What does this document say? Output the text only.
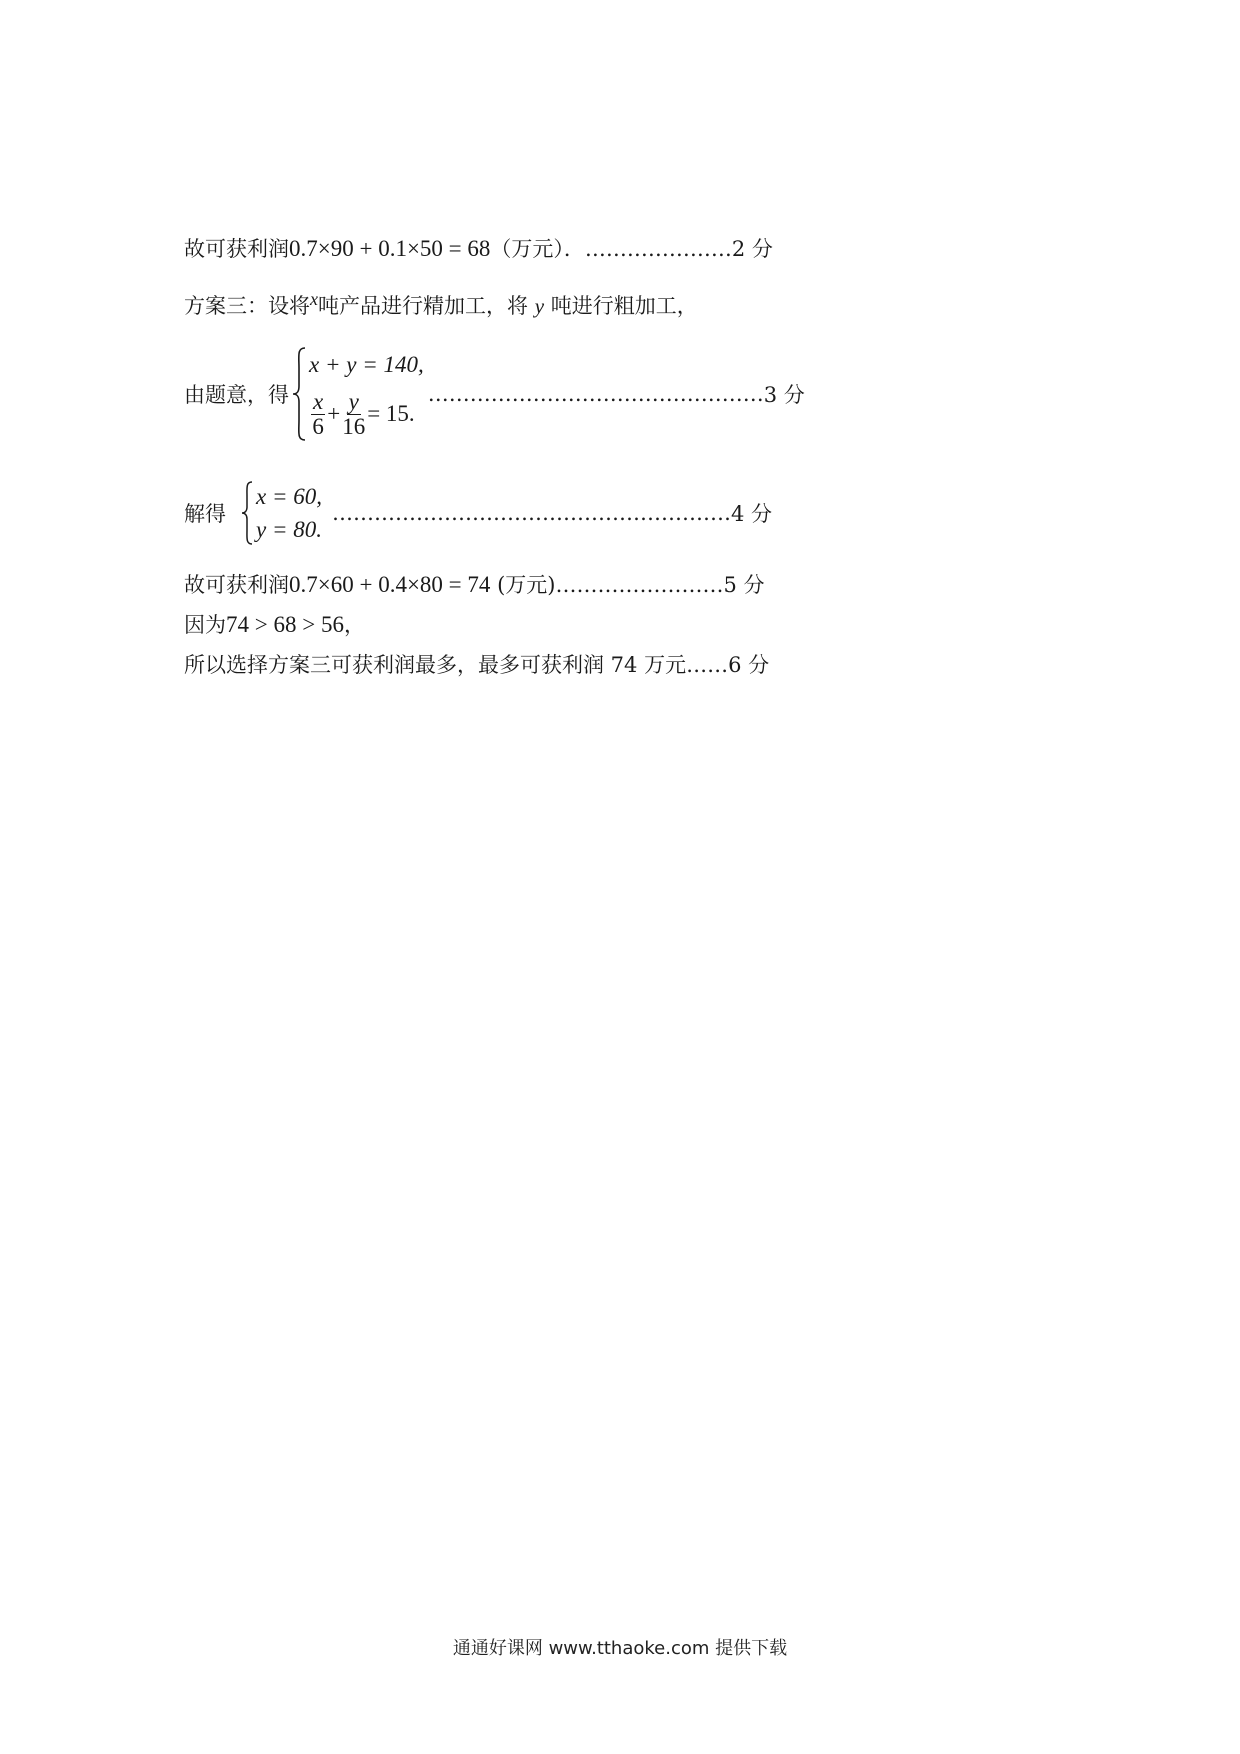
故可获利润0.7×90 + 0.1×50 = 68（万元）．…………………2 分
方案三：设将$^x$吨产品进行精加工，将 y 吨进行粗加工，
由题意，得
x + y = 140,
$\frac{x}{6} + \frac{y}{16} = 15$.
………………………………………… 3 分
解得
x = 60,
y = 80.
………………………………………………… 4 分
故可获利润0.7×60 + 0.4×80 = 74 (万元)……………………5 分
因为74 > 68 > 56，
所以选择方案三可获利润最多，最多可获利润 74 万元……6 分
通通好课网 www.tthaoke.com 提供下载
